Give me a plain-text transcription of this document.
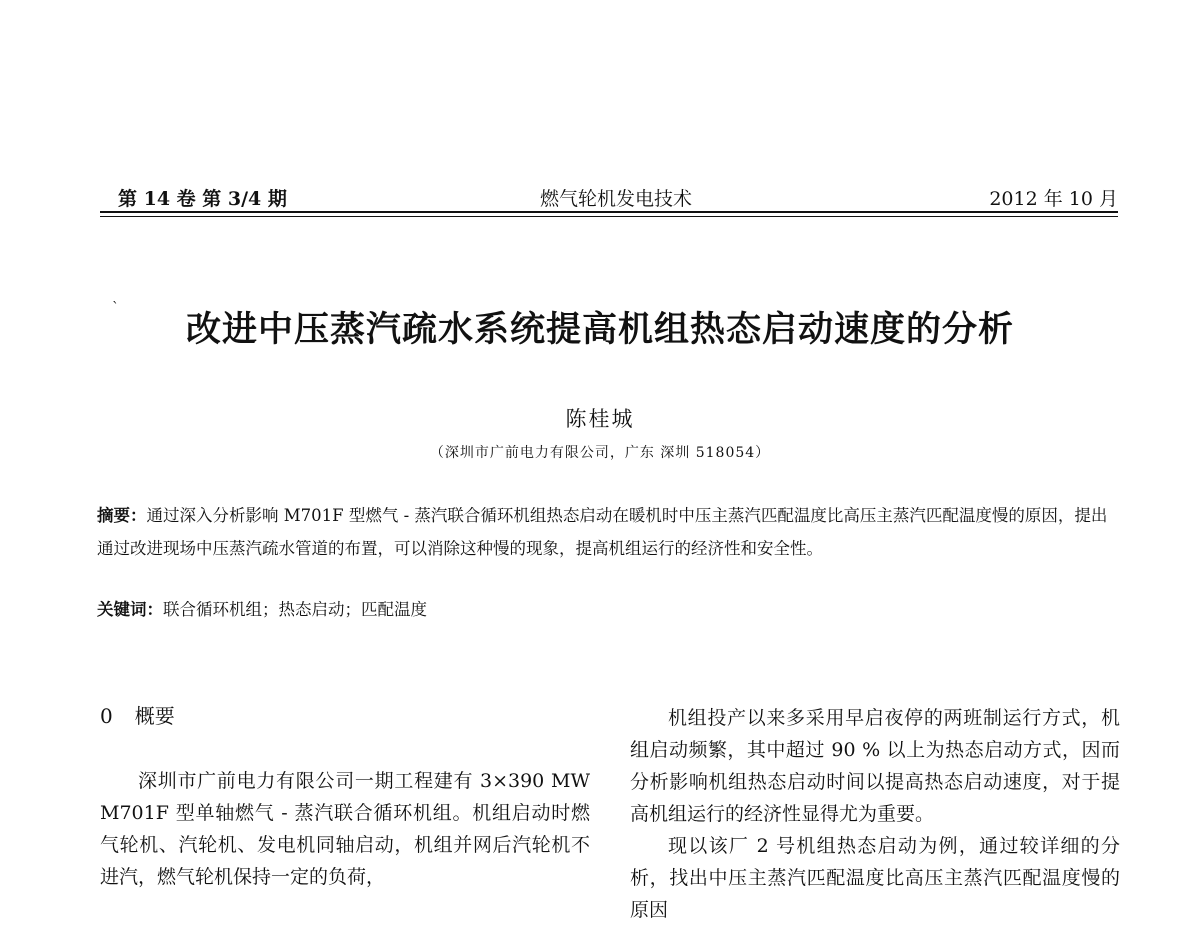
第 14 卷 第 3/4 期	燃气轮机发电技术	2012 年 10 月
`
改进中压蒸汽疏水系统提高机组热态启动速度的分析
陈桂城
（深圳市广前电力有限公司，广东 深圳 518054）
摘要：通过深入分析影响 M701F 型燃气 - 蒸汽联合循环机组热态启动在暖机时中压主蒸汽匹配温度比高压主蒸汽匹配温度慢的原因，提出通过改进现场中压蒸汽疏水管道的布置，可以消除这种慢的现象，提高机组运行的经济性和安全性。
关键词：联合循环机组；热态启动；匹配温度
0 概要

深圳市广前电力有限公司一期工程建有 3×390 MW M701F 型单轴燃气 - 蒸汽联合循环机组。机组启动时燃气轮机、汽轮机、发电机同轴启动，机组并网后汽轮机不进汽，燃气轮机保持一定的负荷，

机组投产以来多采用早启夜停的两班制运行方式，机组启动频繁，其中超过 90 % 以上为热态启动方式，因而分析影响机组热态启动时间以提高热态启动速度，对于提高机组运行的经济性显得尤为重要。

现以该厂 2 号机组热态启动为例，通过较详细的分析，找出中压主蒸汽匹配温度比高压主蒸汽匹配温度慢的原因
